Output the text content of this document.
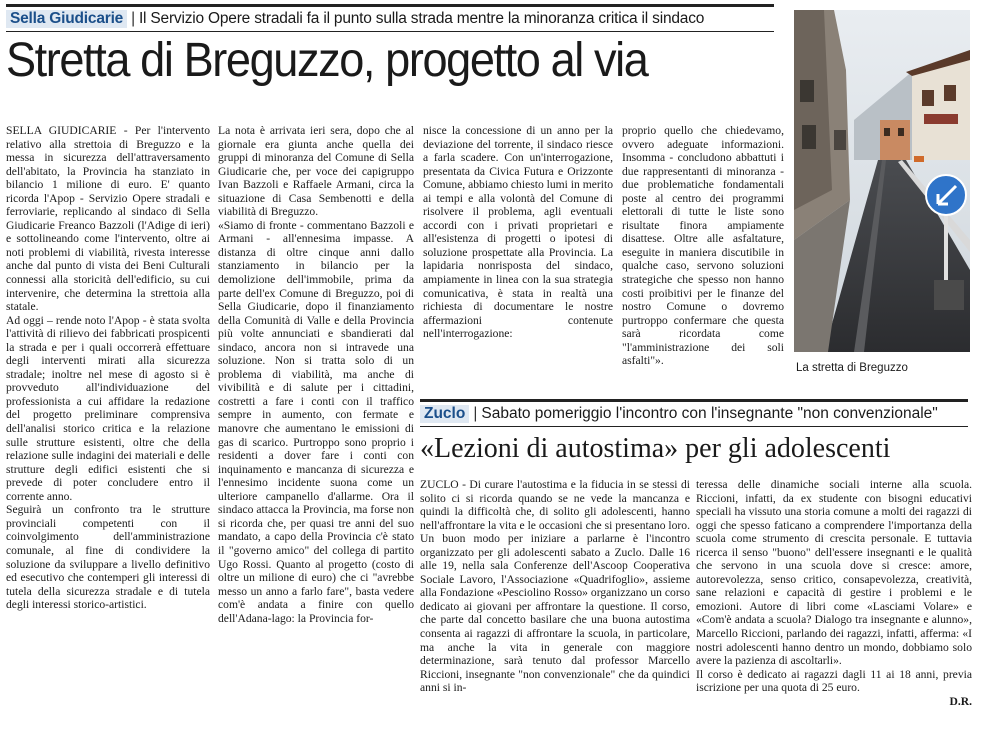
Sella Giudicarie | Il Servizio Opere stradali fa il punto sulla strada mentre la minoranza critica il sindaco
Stretta di Breguzzo, progetto al via

SELLA GIUDICARIE - Per l'intervento relativo alla strettoia di Breguzzo e la messa in sicurezza dell'attraversamento dell'abitato, la Provincia ha stanziato in bilancio 1 milione di euro. E' quanto ricorda l'Apop - Servizio Opere stradali e ferroviarie, replicando al sindaco di Sella Giudicarie Freanco Bazzoli (l'Adige di ieri) e sottolineando come l'intervento, oltre ai noti problemi di viabilità, rivesta interesse anche dal punto di vista dei Beni Culturali connessi alla storicità dell'edificio, su cui intervenire, che determina la strettoia alla statale.

Ad oggi – rende noto l'Apop - è stata svolta l'attività di rilievo dei fabbricati prospicenti la strada e per i quali occorrerà effettuare degli interventi mirati alla sicurezza stradale; inoltre nel mese di agosto si è provveduto all'individuazione del professionista a cui affidare la redazione del progetto preliminare comprensiva dell'analisi storico critica e la relazione sulle strutture esistenti, oltre che della relazione sulle indagini dei materiali e delle strutture degli edifici esistenti che si prevede di poter concludere entro il corrente anno.

Seguirà un confronto tra le strutture provinciali competenti con il coinvolgimento dell'amministrazione comunale, al fine di condividere la soluzione da sviluppare a livello definitivo ed esecutivo che contemperi gli interessi di tutela della sicurezza stradale e di tutela degli interessi storico-artistici.

La nota è arrivata ieri sera, dopo che al giornale era giunta anche quella dei gruppi di minoranza del Comune di Sella Giudicarie che, per voce dei capigruppo Ivan Bazzoli e Raffaele Armani, circa la situazione di Casa Sembenotti e della viabilità di Breguzzo.

«Siamo di fronte - commentano Bazzoli e Armani - all'ennesima impasse. A distanza di oltre cinque anni dallo stanziamento in bilancio per la demolizione dell'immobile, prima da parte dell'ex Comune di Breguzzo, poi di Sella Giudicarie, dopo il finanziamento della Comunità di Valle e della Provincia più volte annunciati e sbandierati dal sindaco, ancora non si intravede una soluzione. Non si tratta solo di un problema di viabilità, ma anche di vivibilità e di salute per i cittadini, costretti a fare i conti con il traffico sempre in aumento, con fermate e manovre che aumentano le emissioni di gas di scarico. Purtroppo sono proprio i residenti a dover fare i conti con inquinamento e mancanza di sicurezza e l'ennesimo incidente suona come un ulteriore campanello d'allarme. Ora il sindaco attacca la Provincia, ma forse non si ricorda che, per quasi tre anni del suo mandato, a capo della Provincia c'è stato il "governo amico" del collega di partito Ugo Rossi. Quanto al progetto (costo di oltre un milione di euro) che ci "avrebbe messo un anno a farlo fare", basta vedere com'è andata a finire con quello dell'Adana-lago: la Provincia for-

nisce la concessione di un anno per la deviazione del torrente, il sindaco riesce a farla scadere. Con un'interrogazione, presentata da Civica Futura e Orizzonte Comune, abbiamo chiesto lumi in merito ai tempi e alla volontà del Comune di risolvere il problema, agli eventuali accordi con i privati proprietari e all'esistenza di progetti o ipotesi di soluzione prospettate alla Provincia. La lapidaria nonrisposta del sindaco, ampiamente in linea con la sua strategia comunicativa, è stata in realtà una richiesta di documentare le nostre affermazioni contenute nell'interrogazione:

proprio quello che chiedevamo, ovvero adeguate informazioni. Insomma - concludono abbattuti i due rappresentanti di minoranza - due problematiche fondamentali poste al centro dei programmi elettorali di tutte le liste sono risultate finora ampiamente disattese. Oltre alle asfaltature, eseguite in maniera discutibile in qualche caso, servono soluzioni strategiche che spesso non hanno costi proibitivi per le finanze del nostro Comune o dovremo purtroppo confermare che questa sarà ricordata come "l'amministrazione dei soli asfalti"».

La stretta di Breguzzo
Zuclo | Sabato pomeriggio l'incontro con l'insegnante "non convenzionale"
«Lezioni di autostima» per gli adolescenti

ZUCLO - Di curare l'autostima e la fiducia in se stessi di solito ci si ricorda quando se ne vede la mancanza e quindi la difficoltà che, di solito gli adolescenti, hanno nell'affrontare la vita e le occasioni che si presentano loro. Un buon modo per iniziare a parlarne è l'incontro organizzato per gli adolescenti sabato a Zuclo. Dalle 16 alle 19, nella sala Conferenze dell'Ascoop Cooperativa Sociale Lavoro, l'Associazione «Quadrifoglio», assieme alla Fondazione «Pesciolino Rosso» organizzano un corso dedicato ai giovani per affrontare la questione. Il corso, che parte dal concetto basilare che una buona autostima consenta ai ragazzi di affrontare la scuola, in particolare, ma anche la vita in generale con maggiore determinazione, sarà tenuto dal professor Marcello Riccioni, insegnante "non convenzionale" che da quindici anni si in-

teressa delle dinamiche sociali interne alla scuola. Riccioni, infatti, da ex studente con bisogni educativi speciali ha vissuto una storia comune a molti dei ragazzi di oggi che spesso faticano a comprendere l'importanza della scuola come strumento di crescita personale. E tuttavia ricerca il senso "buono" dell'essere insegnanti e le qualità che servono in una scuola dove si cresce: amore, autorevolezza, senso critico, consapevolezza, creatività, sane relazioni e capacità di gestire i problemi e le emozioni. Autore di libri come «Lasciami Volare» e «Com'è andata a scuola? Dialogo tra insegnante e alunno», Marcello Riccioni, parlando dei ragazzi, infatti, afferma: «I nostri adolescenti hanno dentro un mondo, dobbiamo solo avere la pazienza di ascoltarli».

Il corso è dedicato ai ragazzi dagli 11 ai 18 anni, previa iscrizione per una quota di 25 euro.

D.R.
